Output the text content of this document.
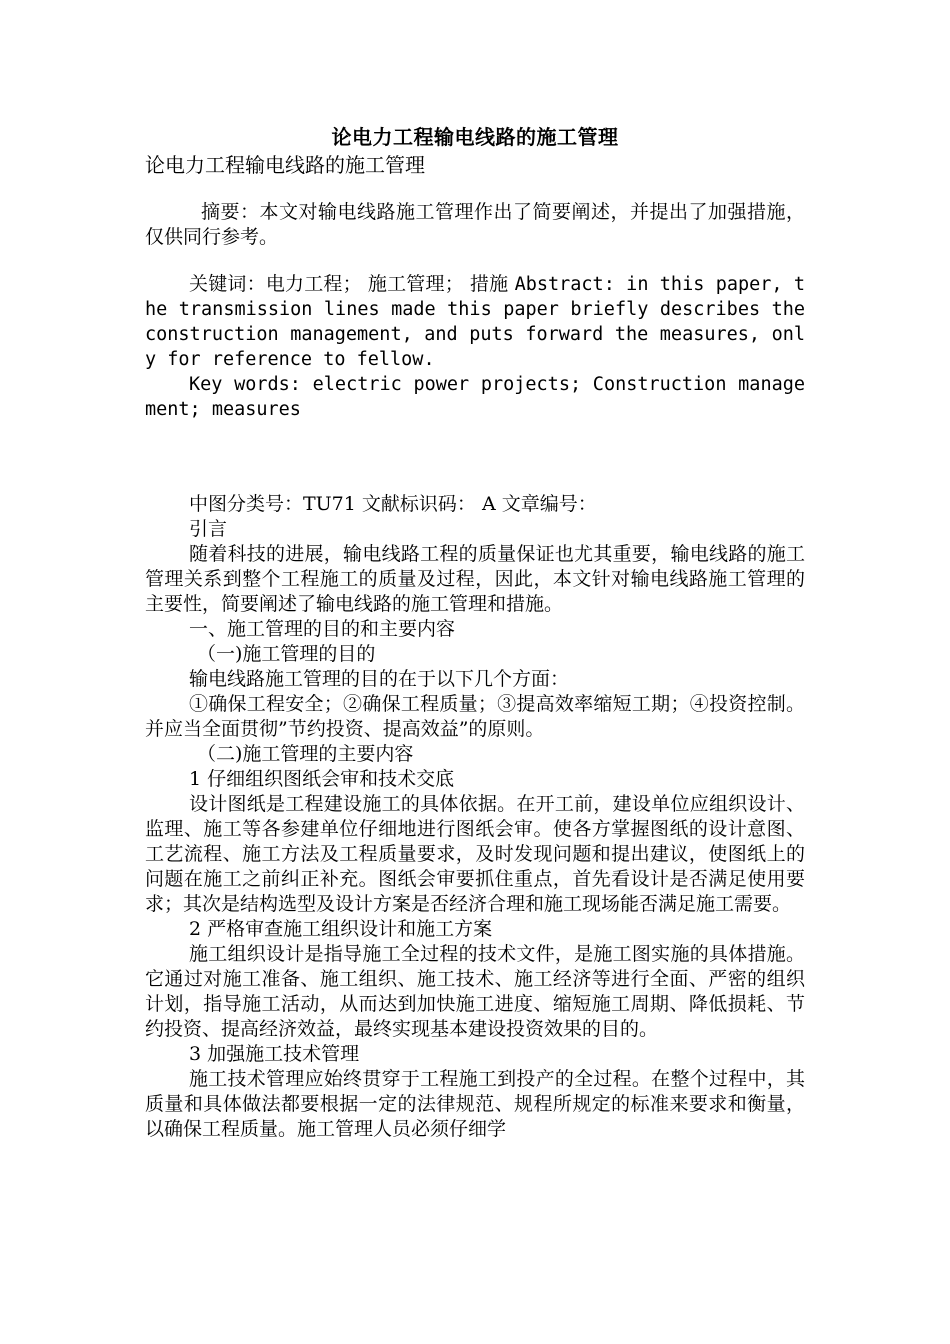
论电力工程输电线路的施工管理

论电力工程输电线路的施工管理

摘要：本文对输电线路施工管理作出了简要阐述，并提出了加强措施，仅供同行参考。

关键词：电力工程； 施工管理； 措施 Abstract: in this paper, the transmission lines made this paper briefly describes the construction management, and puts forward the measures, only for reference to fellow.

Key words: electric power projects; Construction management; measures

中图分类号：TU71 文献标识码： A 文章编号：

引言

随着科技的进展，输电线路工程的质量保证也尤其重要，输电线路的施工管理关系到整个工程施工的质量及过程，因此，本文针对输电线路施工管理的主要性，简要阐述了输电线路的施工管理和措施。

一、施工管理的目的和主要内容

（一)施工管理的目的

输电线路施工管理的目的在于以下几个方面：

①确保工程安全；②确保工程质量；③提高效率缩短工期；④投资控制。并应当全面贯彻”节约投资、提高效益”的原则。

（二)施工管理的主要内容

1 仔细组织图纸会审和技术交底

设计图纸是工程建设施工的具体依据。在开工前，建设单位应组织设计、监理、施工等各参建单位仔细地进行图纸会审。使各方掌握图纸的设计意图、工艺流程、施工方法及工程质量要求，及时发现问题和提出建议，使图纸上的问题在施工之前纠正补充。图纸会审要抓住重点，首先看设计是否满足使用要求；其次是结构选型及设计方案是否经济合理和施工现场能否满足施工需要。

2 严格审查施工组织设计和施工方案

施工组织设计是指导施工全过程的技术文件，是施工图实施的具体措施。它通过对施工准备、施工组织、施工技术、施工经济等进行全面、严密的组织计划，指导施工活动，从而达到加快施工进度、缩短施工周期、降低损耗、节约投资、提高经济效益，最终实现基本建设投资效果的目的。

3 加强施工技术管理

施工技术管理应始终贯穿于工程施工到投产的全过程。在整个过程中，其质量和具体做法都要根据一定的法律规范、规程所规定的标准来要求和衡量，以确保工程质量。施工管理人员必须仔细学
